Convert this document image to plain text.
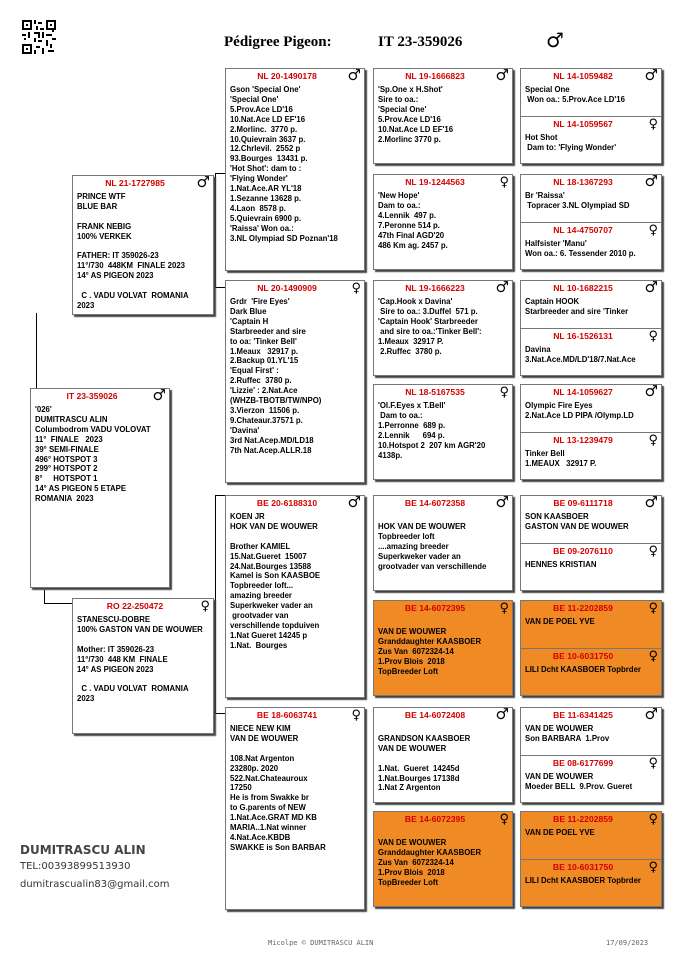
Pédigree Pigeon:	IT 23-359026	♂
IT 23-359026	♂
'026'
DUMITRASCU ALIN
Columbodrom VADU VOLOVAT
11°  FINALE   2023
39° SEMI-FINALE
496° HOTSPOT 3
299° HOTSPOT 2
8°     HOTSPOT 1
14° AS PIGEON 5 ETAPE
ROMANIA  2023
NL 21-1727985	♂
PRINCE WTF
BLUE BAR

FRANK NEBIG
100% VERKEK

FATHER: IT 359026-23
11°/730  448KM  FINALE 2023
14° AS PIGEON 2023

C . VADU VOLVAT  ROMANIA
2023
RO 22-250472	♀
STANESCU-DOBRE
100% GASTON VAN DE WOUWER

Mother: IT 359026-23
11°/730  448 KM  FINALE
14° AS PIGEON 2023

C . VADU VOLVAT  ROMANIA
2023
NL 20-1490178	♂
Gson 'Special One'
'Special One'
5.Prov.Ace LD'16
10.Nat.Ace LD EF'16
2.Morlinc.  3770 p.
10.Quievrain 3637 p.
12.Chrlevil.  2552 p
93.Bourges  13431 p.
'Hot Shot': dam to :
'Flying Wonder'
1.Nat.Ace.AR YL'18
1.Sezanne 13628 p.
4.Laon  8578 p.
5.Quievrain 6900 p.
'Raissa' Won oa.:
3.NL Olympiad SD Poznan'18
NL 20-1490909	♀
Grdr  'Fire Eyes'
Dark Blue
'Captain H
Starbreeder and sire
to oa: 'Tinker Bell'
1.Meaux   32917 p.
2.Backup 01.YL'15
'Equal First' :
2.Ruffec  3780 p.
'Lizzie' : 2.Nat.Ace
(WHZB-TBOTB/TW/NPO)
3.Vierzon  11506 p.
9.Chateaur.37571 p.
'Davina'
3rd Nat.Acep.MD/LD18
7th Nat.Acep.ALLR.18
BE 20-6188310	♂
KOEN JR
HOK VAN DE WOUWER

Brother KAMIEL
15.Nat.Gueret  15007
24.Nat.Bourges 13588
Kamel is Son KAASBOE
Topbreeder loft...
amazing breeder
Superkweker vader an
grootvader van
verschillende topduiven
1.Nat Gueret 14245 p
1.Nat.  Bourges
BE 18-6063741	♀
NIECE NEW KIM
VAN DE WOUWER

108.Nat Argenton
23280p. 2020
522.Nat.Chateauroux
17250
He is from Swakke br
to G.parents of NEW
1.Nat.Ace.GRAT MD KB
MARIA..1.Nat winner
4.Nat.Ace.KBDB
SWAKKE is Son BARBAR
NL 19-1666823	♂
'Sp.One x H.Shot'
Sire to oa.:
'Special One'
5.Prov.Ace LD'16
10.Nat.Ace LD EF'16
2.Morlinc 3770 p.
NL 19-1244563	♀
'New Hope'
Dam to oa.:
4.Lennik  497 p.
7.Peronne 514 p.
47th Final AGD'20
486 Km ag. 2457 p.
NL 19-1666223	♂
'Cap.Hook x Davina'
Sire to oa.: 3.Duffel  571 p.
'Captain Hook' Starbreeder
and sire to oa.:'Tinker Bell':
1.Meaux  32917 P.
2.Ruffec  3780 p.
NL 18-5167535	♀
'Ol.F.Eyes x T.Bell'
Dam to oa.:
1.Perronne  689 p.
2.Lennik      694 p.
10.Hotspot 2  207 km AGR'20
4138p.
BE 14-6072358	♂

HOK VAN DE WOUWER
Topbreeder loft
....amazing breeder
Superkweker vader an
grootvader van verschillende
BE 14-6072395	♀

VAN DE WOUWER
Granddaughter KAASBOER
Zus Van  6072324-14
1.Prov Blois  2018
TopBreeder Loft
BE 14-6072408	♂

GRANDSON KAASBOER
VAN DE WOUWER

1.Nat.  Gueret  14245d
1.Nat.Bourges 17138d
1.Nat Z Argenton
BE 14-6072395	♀

VAN DE WOUWER
Granddaughter KAASBOER
Zus Van  6072324-14
1.Prov Blois  2018
TopBreeder Loft
NL 14-1059482	♂
Special One
Won oa.: 5.Prov.Ace LD'16
NL 14-1059567	♀
Hot Shot
Dam to: 'Flying Wonder'
NL 18-1367293	♂
Br 'Raissa'
Topracer 3.NL Olympiad SD
NL 14-4750707	♀
Halfsister 'Manu'
Won oa.: 6. Tessender 2010 p.
NL 10-1682215	♂
Captain HOOK
Starbreeder and sire 'Tinker
NL 16-1526131	♀
Davina
3.Nat.Ace.MD/LD'18/7.Nat.Ace
NL 14-1059627	♂
Olympic Fire Eyes
2.Nat.Ace LD PIPA /Olymp.LD
NL 13-1239479	♀
Tinker Bell
1.MEAUX   32917 P.
BE 09-6111718	♂
SON KAASBOER
GASTON VAN DE WOUWER
BE 09-2076110	♀
HENNES KRISTIAN
BE 11-2202859	♀
VAN DE POEL YVE
BE 10-6031750	♀
LILI Dcht KAASBOER Topbrder
BE 11-6341425	♂
VAN DE WOUWER
Son BARBARA  1.Prov
BE 08-6177699	♀
VAN DE WOUWER
Moeder BELL  9.Prov. Gueret
BE 11-2202859	♀
VAN DE POEL YVE
BE 10-6031750	♀
LILI Dcht KAASBOER Topbrder
DUMITRASCU ALIN
TEL:00393899513930
dumitrascualin83@gmail.com
Micolpe © DUMITRASCU ALIN	17/09/2023
